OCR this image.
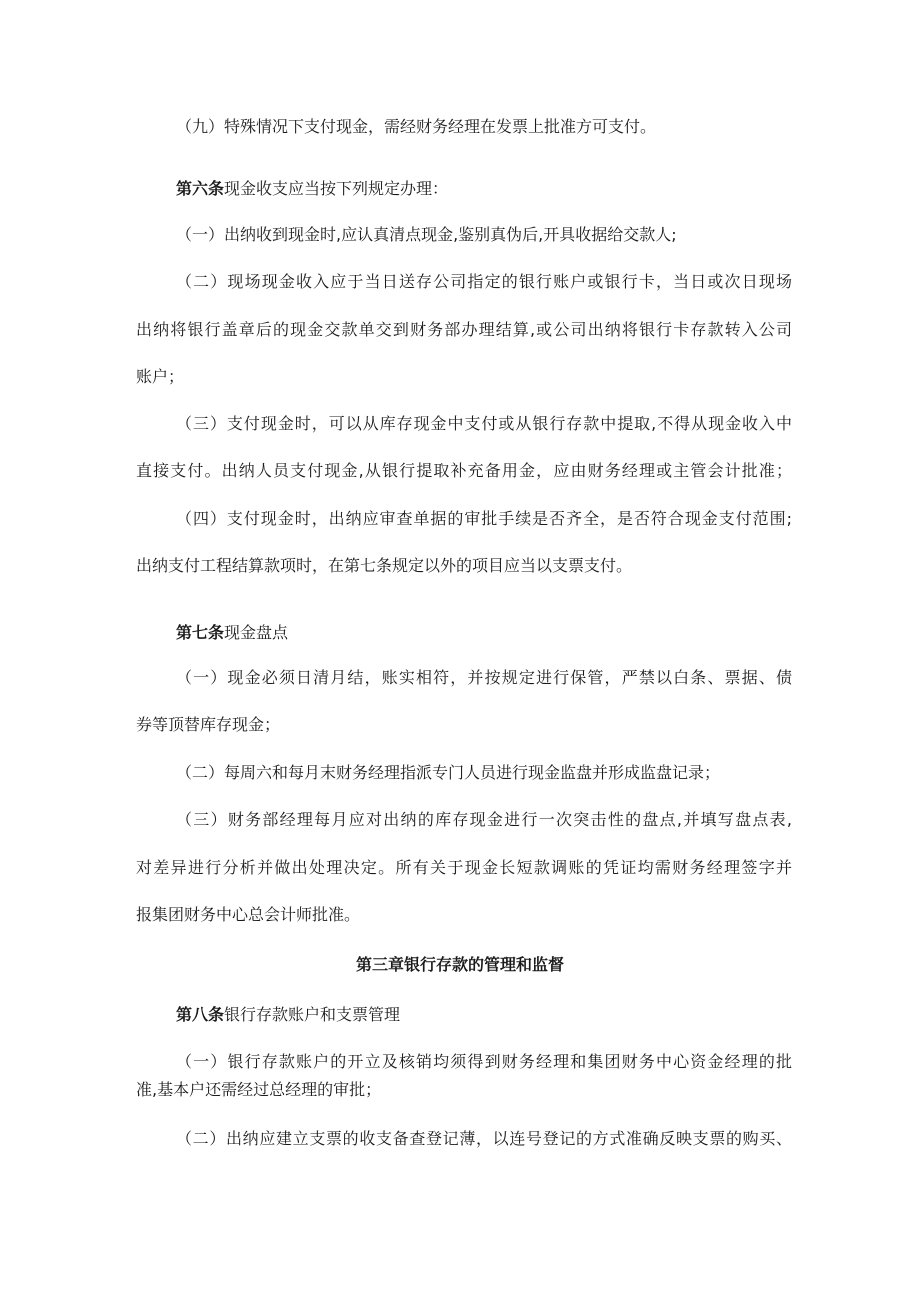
（九）特殊情况下支付现金，需经财务经理在发票上批准方可支付。
第六条现金收支应当按下列规定办理：
（一）出纳收到现金时,应认真清点现金,鉴别真伪后,开具收据给交款人;
（二）现场现金收入应于当日送存公司指定的银行账户或银行卡，当日或次日现场
出纳将银行盖章后的现金交款单交到财务部办理结算,或公司出纳将银行卡存款转入公司
账户；
（三）支付现金时，可以从库存现金中支付或从银行存款中提取,不得从现金收入中
直接支付。出纳人员支付现金,从银行提取补充备用金，应由财务经理或主管会计批准；
（四）支付现金时，出纳应审查单据的审批手续是否齐全，是否符合现金支付范围;
出纳支付工程结算款项时，在第七条规定以外的项目应当以支票支付。
第七条现金盘点
（一）现金必须日清月结，账实相符，并按规定进行保管，严禁以白条、票据、债
券等顶替库存现金；
（二）每周六和每月末财务经理指派专门人员进行现金监盘并形成监盘记录；
（三）财务部经理每月应对出纳的库存现金进行一次突击性的盘点,并填写盘点表,
对差异进行分析并做出处理决定。所有关于现金长短款调账的凭证均需财务经理签字并
报集团财务中心总会计师批准。
第三章银行存款的管理和监督
第八条银行存款账户和支票管理
（一）银行存款账户的开立及核销均须得到财务经理和集团财务中心资金经理的批
准,基本户还需经过总经理的审批；
（二）出纳应建立支票的收支备查登记薄，以连号登记的方式准确反映支票的购买、
